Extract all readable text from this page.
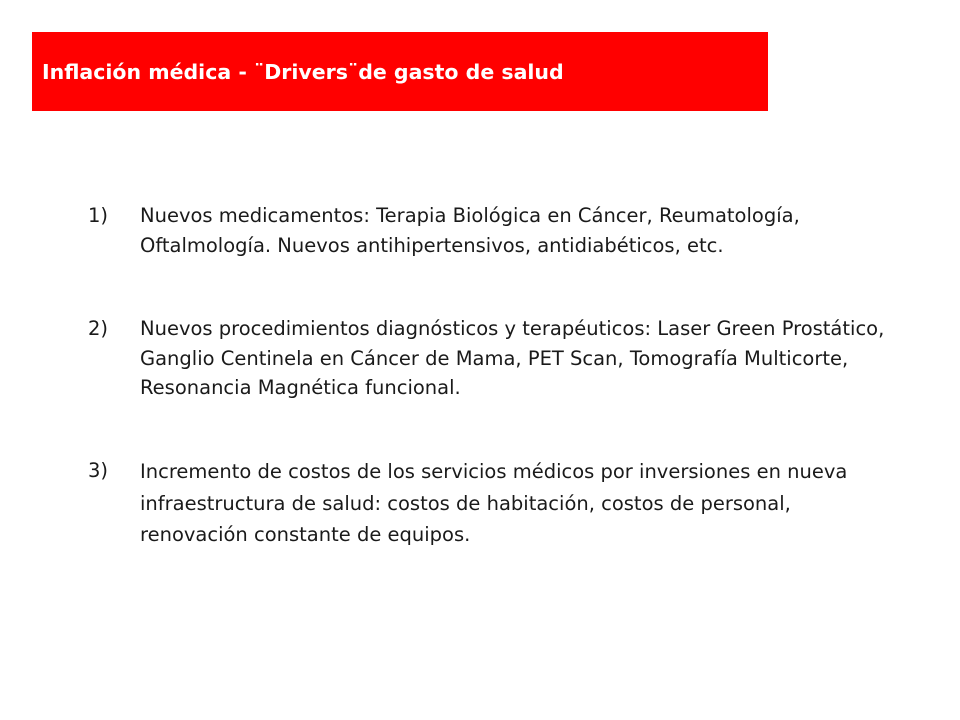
Inflación médica - ¨Drivers¨de gasto de salud
1) Nuevos medicamentos: Terapia Biológica en Cáncer, Reumatología, Oftalmología. Nuevos antihipertensivos, antidiabéticos, etc.
2) Nuevos procedimientos diagnósticos y terapéuticos: Laser Green Prostático, Ganglio Centinela en Cáncer de Mama, PET Scan, Tomografía Multicorte, Resonancia Magnética funcional.
3) Incremento de costos de los servicios médicos por inversiones en nueva infraestructura de salud: costos de habitación, costos de personal, renovación constante de equipos.
